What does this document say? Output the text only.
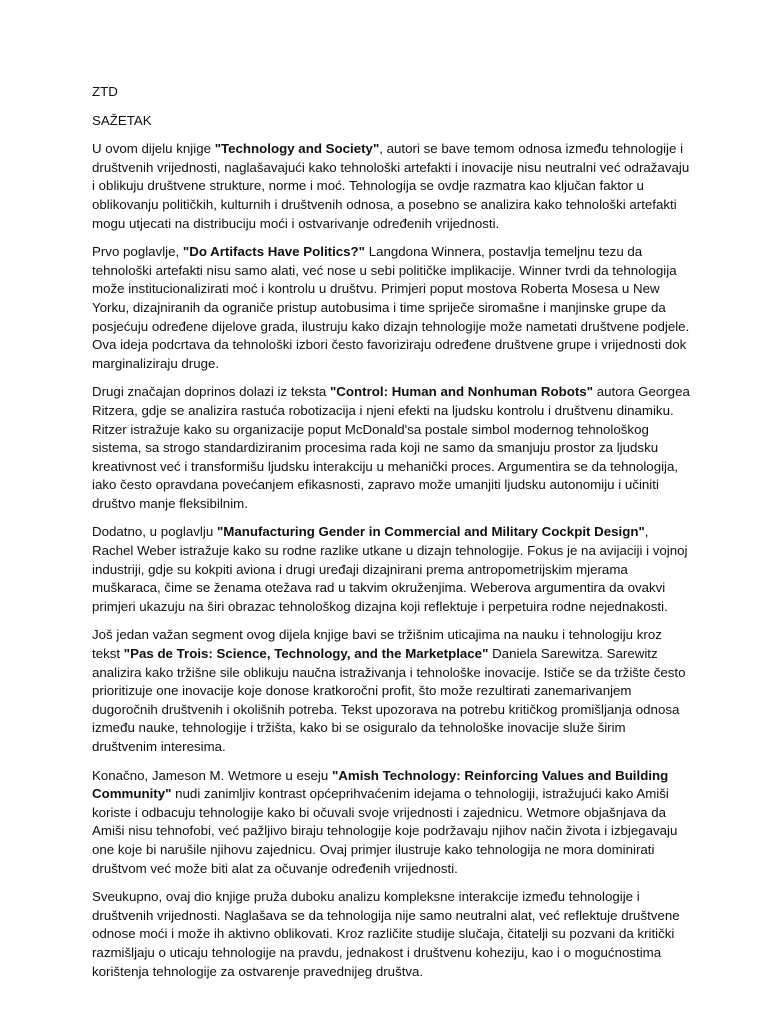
ZTD
SAŽETAK

U ovom dijelu knjige "Technology and Society", autori se bave temom odnosa između tehnologije i društvenih vrijednosti, naglašavajući kako tehnološki artefakti i inovacije nisu neutralni već odražavaju i oblikuju društvene strukture, norme i moć. Tehnologija se ovdje razmatra kao ključan faktor u oblikovanju političkih, kulturnih i društvenih odnosa, a posebno se analizira kako tehnološki artefakti mogu utjecati na distribuciju moći i ostvarivanje određenih vrijednosti.

Prvo poglavlje, "Do Artifacts Have Politics?" Langdona Winnera, postavlja temeljnu tezu da tehnološki artefakti nisu samo alati, već nose u sebi političke implikacije. Winner tvrdi da tehnologija može institucionalizirati moć i kontrolu u društvu. Primjeri poput mostova Roberta Mosesa u New Yorku, dizajniranih da ograniče pristup autobusima i time spriječe siromašne i manjinske grupe da posjećuju određene dijelove grada, ilustruju kako dizajn tehnologije može nametati društvene podjele. Ova ideja podcrtava da tehnološki izbori često favoriziraju određene društvene grupe i vrijednosti dok marginaliziraju druge.

Drugi značajan doprinos dolazi iz teksta "Control: Human and Nonhuman Robots" autora Georgea Ritzera, gdje se analizira rastuća robotizacija i njeni efekti na ljudsku kontrolu i društvenu dinamiku. Ritzer istražuje kako su organizacije poput McDonald'sa postale simbol modernog tehnološkog sistema, sa strogo standardiziranim procesima rada koji ne samo da smanjuju prostor za ljudsku kreativnost već i transformišu ljudsku interakciju u mehanički proces. Argumentira se da tehnologija, iako često opravdana povećanjem efikasnosti, zapravo može umanjiti ljudsku autonomiju i učiniti društvo manje fleksibilnim.

Dodatno, u poglavlju "Manufacturing Gender in Commercial and Military Cockpit Design", Rachel Weber istražuje kako su rodne razlike utkane u dizajn tehnologije. Fokus je na avijaciji i vojnoj industriji, gdje su kokpiti aviona i drugi uređaji dizajnirani prema antropometrijskim mjerama muškaraca, čime se ženama otežava rad u takvim okruženjima. Weberova argumentira da ovakvi primjeri ukazuju na širi obrazac tehnološkog dizajna koji reflektuje i perpetuira rodne nejednakosti.

Još jedan važan segment ovog dijela knjige bavi se tržišnim uticajima na nauku i tehnologiju kroz tekst "Pas de Trois: Science, Technology, and the Marketplace" Daniela Sarewitza. Sarewitz analizira kako tržišne sile oblikuju naučna istraživanja i tehnološke inovacije. Ističe se da tržište često prioritizuje one inovacije koje donose kratkoročni profit, što može rezultirati zanemarivanjem dugoročnih društvenih i okolišnih potreba. Tekst upozorava na potrebu kritičkog promišljanja odnosa između nauke, tehnologije i tržišta, kako bi se osiguralo da tehnološke inovacije služe širim društvenim interesima.

Konačno, Jameson M. Wetmore u eseju "Amish Technology: Reinforcing Values and Building Community" nudi zanimljiv kontrast općeprihvaćenim idejama o tehnologiji, istražujući kako Amiši koriste i odbacuju tehnologije kako bi očuvali svoje vrijednosti i zajednicu. Wetmore objašnjava da Amiši nisu tehnofobi, već pažljivo biraju tehnologije koje podržavaju njihov način života i izbjegavaju one koje bi narušile njihovu zajednicu. Ovaj primjer ilustruje kako tehnologija ne mora dominirati društvom već može biti alat za očuvanje određenih vrijednosti.

Sveukupno, ovaj dio knjige pruža duboku analizu kompleksne interakcije između tehnologije i društvenih vrijednosti. Naglašava se da tehnologija nije samo neutralni alat, već reflektuje društvene odnose moći i može ih aktivno oblikovati. Kroz različite studije slučaja, čitatelji su pozvani da kritički razmišljaju o uticaju tehnologije na pravdu, jednakost i društvenu koheziju, kao i o mogućnostima korištenja tehnologije za ostvarenje pravednijeg društva.
